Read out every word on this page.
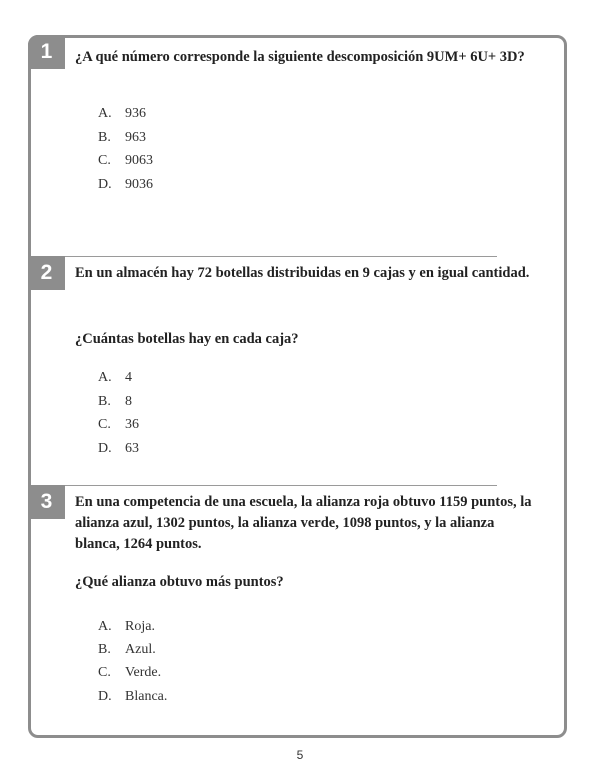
1	¿A qué número corresponde la siguiente descomposición 9UM+ 6U+ 3D?
A. 936
B. 963
C. 9063
D. 9036
2	En un almacén hay 72 botellas distribuidas en 9 cajas y en igual cantidad.
¿Cuántas botellas hay en cada caja?
A. 4
B. 8
C. 36
D. 63
3	En una competencia de una escuela, la alianza roja obtuvo 1159 puntos, la alianza azul, 1302 puntos, la alianza verde, 1098 puntos, y la alianza blanca, 1264 puntos.
¿Qué alianza obtuvo más puntos?
A. Roja.
B. Azul.
C. Verde.
D. Blanca.
5
